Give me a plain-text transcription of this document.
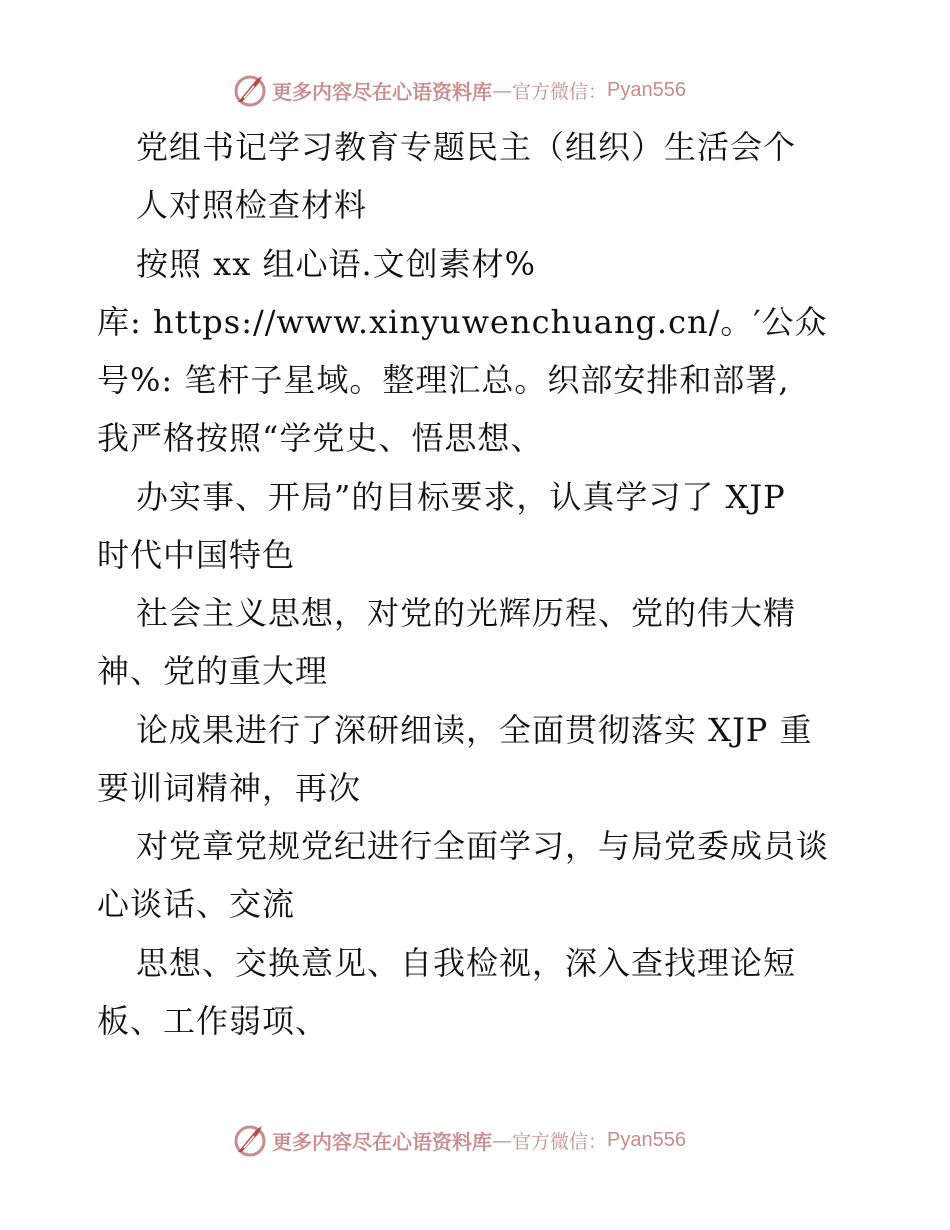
更多内容尽在心语资料库 — 官方微信： Pyan556
党组书记学习教育专题民主（组织）生活会个
人对照检查材料
按照 xx 组心语.文创素材%
库: https://www.xinyuwenchuang.cn/。′公众
号%: 笔杆子星域。整理汇总。织部安排和部署,
我严格按照“学党史、悟思想、
办实事、开局”的目标要求，认真学习了 XJP
时代中国特色
社会主义思想，对党的光辉历程、党的伟大精
神、党的重大理
论成果进行了深研细读，全面贯彻落实 XJP 重
要训词精神，再次
对党章党规党纪进行全面学习，与局党委成员谈
心谈话、交流
思想、交换意见、自我检视，深入查找理论短
板、工作弱项、
更多内容尽在心语资料库 — 官方微信： Pyan556
